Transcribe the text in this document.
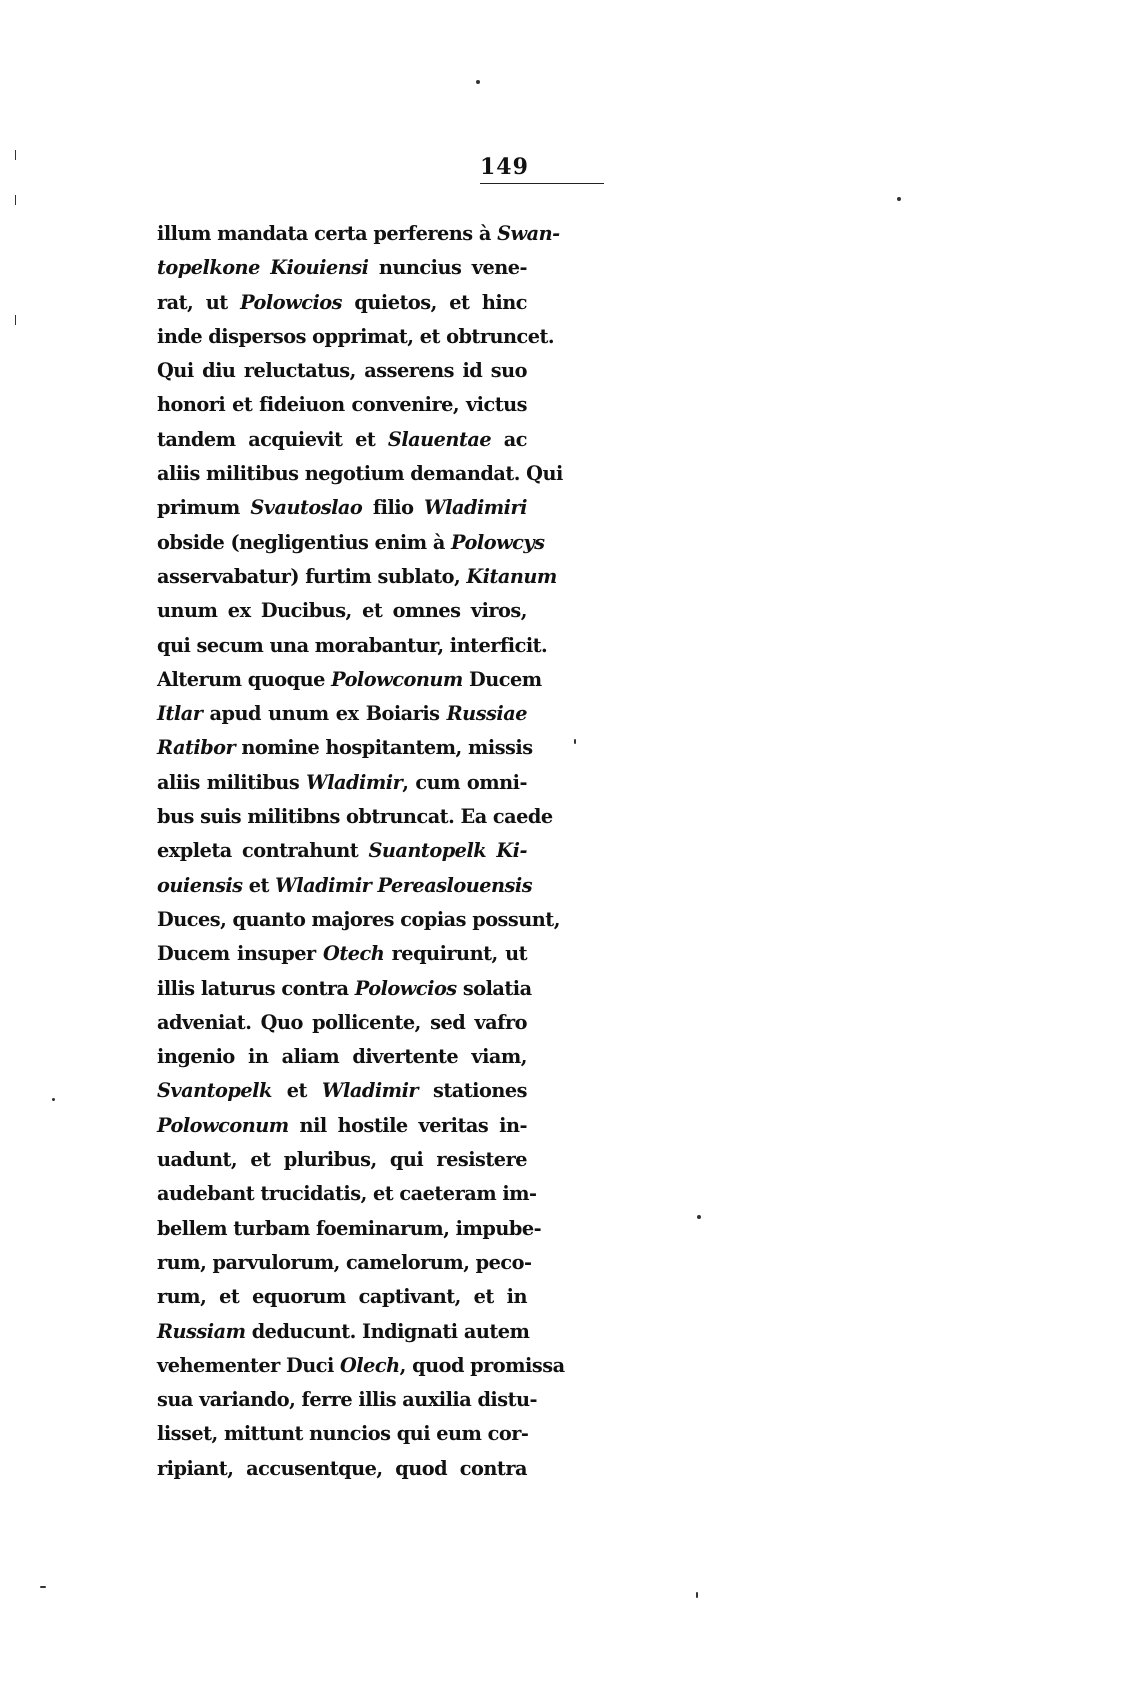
149
illum mandata certa perferens à Swan-
topelkone Kiouiensi nuncius vene-
rat, ut Polowcios quietos, et hinc
inde dispersos opprimat, et obtruncet.
Qui diu reluctatus, asserens id suo
honori et fideiuon convenire, victus
tandem acquievit et Slauentae ac
aliis militibus negotium demandat. Qui
primum Svautoslao filio Wladimiri
obside (negligentius enim à Polowcys
asservabatur) furtim sublato, Kitanum
unum ex Ducibus, et omnes viros,
qui secum una morabantur, interficit.
Alterum quoque Polowconum Ducem
Itlar apud unum ex Boiaris Russiae
Ratibor nomine hospitantem, missis
aliis militibus Wladimir, cum omni-
bus suis militibns obtruncat. Ea caede
expleta contrahunt Suantopelk Ki-
ouiensis et Wladimir Pereaslouensis
Duces, quanto majores copias possunt,
Ducem insuper Otech requirunt, ut
illis laturus contra Polowcios solatia
adveniat. Quo pollicente, sed vafro
ingenio in aliam divertente viam,
Svantopelk et Wladimir stationes
Polowconum nil hostile veritas in-
uadunt, et pluribus, qui resistere
audebant trucidatis, et caeteram im-
bellem turbam foeminarum, impube-
rum, parvulorum, camelorum, peco-
rum, et equorum captivant, et in
Russiam deducunt. Indignati autem
vehementer Duci Olech, quod promissa
sua variando, ferre illis auxilia distu-
lisset, mittunt nuncios qui eum cor-
ripiant, accusentque, quod contra
